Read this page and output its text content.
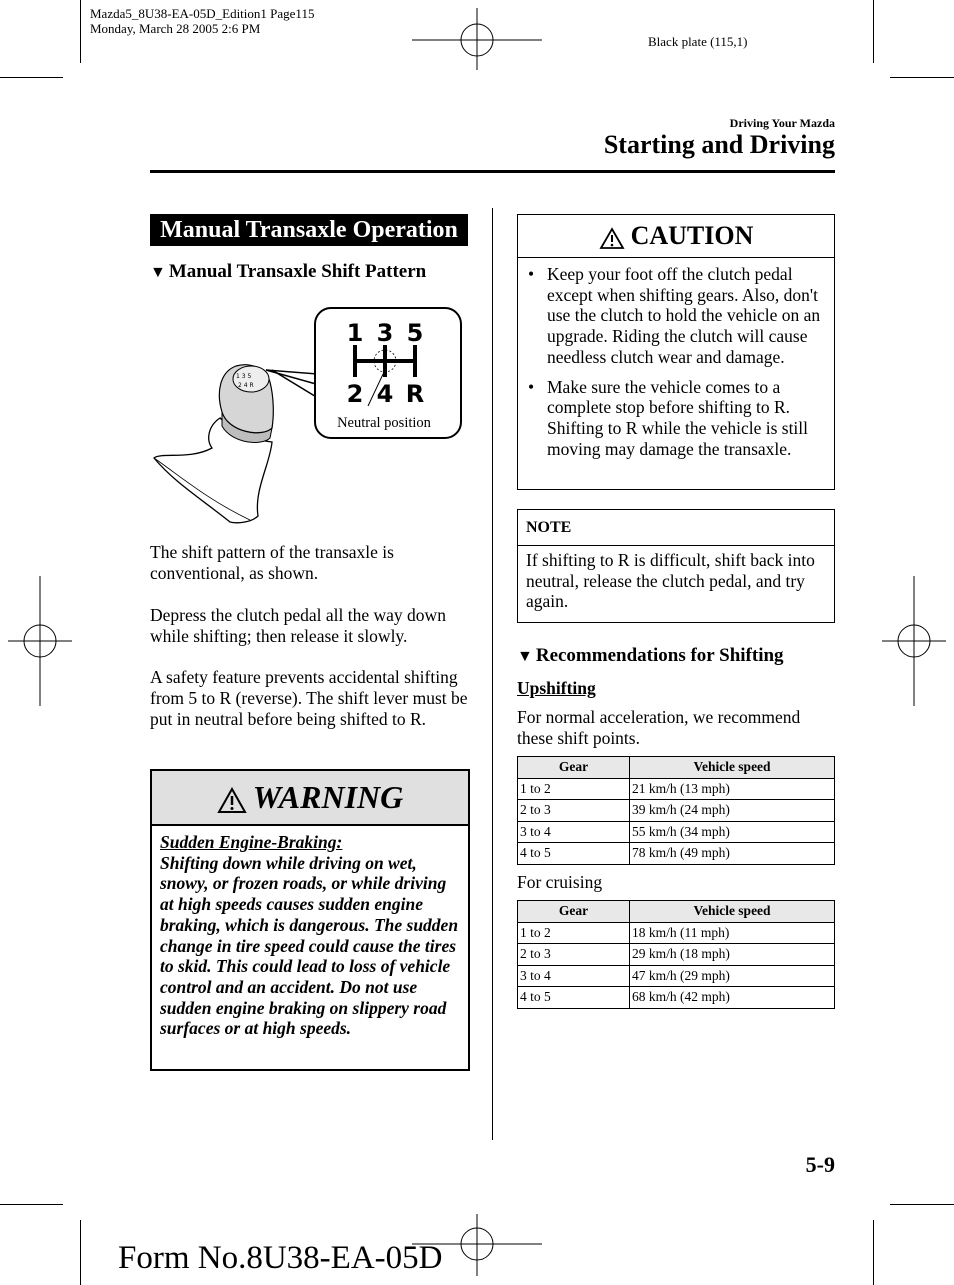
Mazda5_8U38-EA-05D_Edition1 Page115
Monday, March 28 2005 2:6 PM
Black plate (115,1)
Driving Your Mazda
Starting and Driving
Manual Transaxle Operation
▼ Manual Transaxle Shift Pattern
1 3 5
2 4 R
1 3 5
2 4 R
Neutral position
The shift pattern of the transaxle is conventional, as shown.
Depress the clutch pedal all the way down while shifting; then release it slowly.
A safety feature prevents accidental shifting from 5 to R (reverse). The shift lever must be put in neutral before being shifted to R.
WARNING
Sudden Engine-Braking:
Shifting down while driving on wet, snowy, or frozen roads, or while driving at high speeds causes sudden engine braking, which is dangerous. The sudden change in tire speed could cause the tires to skid. This could lead to loss of vehicle control and an accident. Do not use sudden engine braking on slippery road surfaces or at high speeds.
CAUTION
• Keep your foot off the clutch pedal except when shifting gears. Also, don't use the clutch to hold the vehicle on an upgrade. Riding the clutch will cause needless clutch wear and damage.
• Make sure the vehicle comes to a complete stop before shifting to R. Shifting to R while the vehicle is still moving may damage the transaxle.
NOTE
If shifting to R is difficult, shift back into neutral, release the clutch pedal, and try again.
▼ Recommendations for Shifting
Upshifting
For normal acceleration, we recommend these shift points.
Gear	Vehicle speed
1 to 2	21 km/h (13 mph)
2 to 3	39 km/h (24 mph)
3 to 4	55 km/h (34 mph)
4 to 5	78 km/h (49 mph)
For cruising
Gear	Vehicle speed
1 to 2	18 km/h (11 mph)
2 to 3	29 km/h (18 mph)
3 to 4	47 km/h (29 mph)
4 to 5	68 km/h (42 mph)
5-9
Form No.8U38-EA-05D
